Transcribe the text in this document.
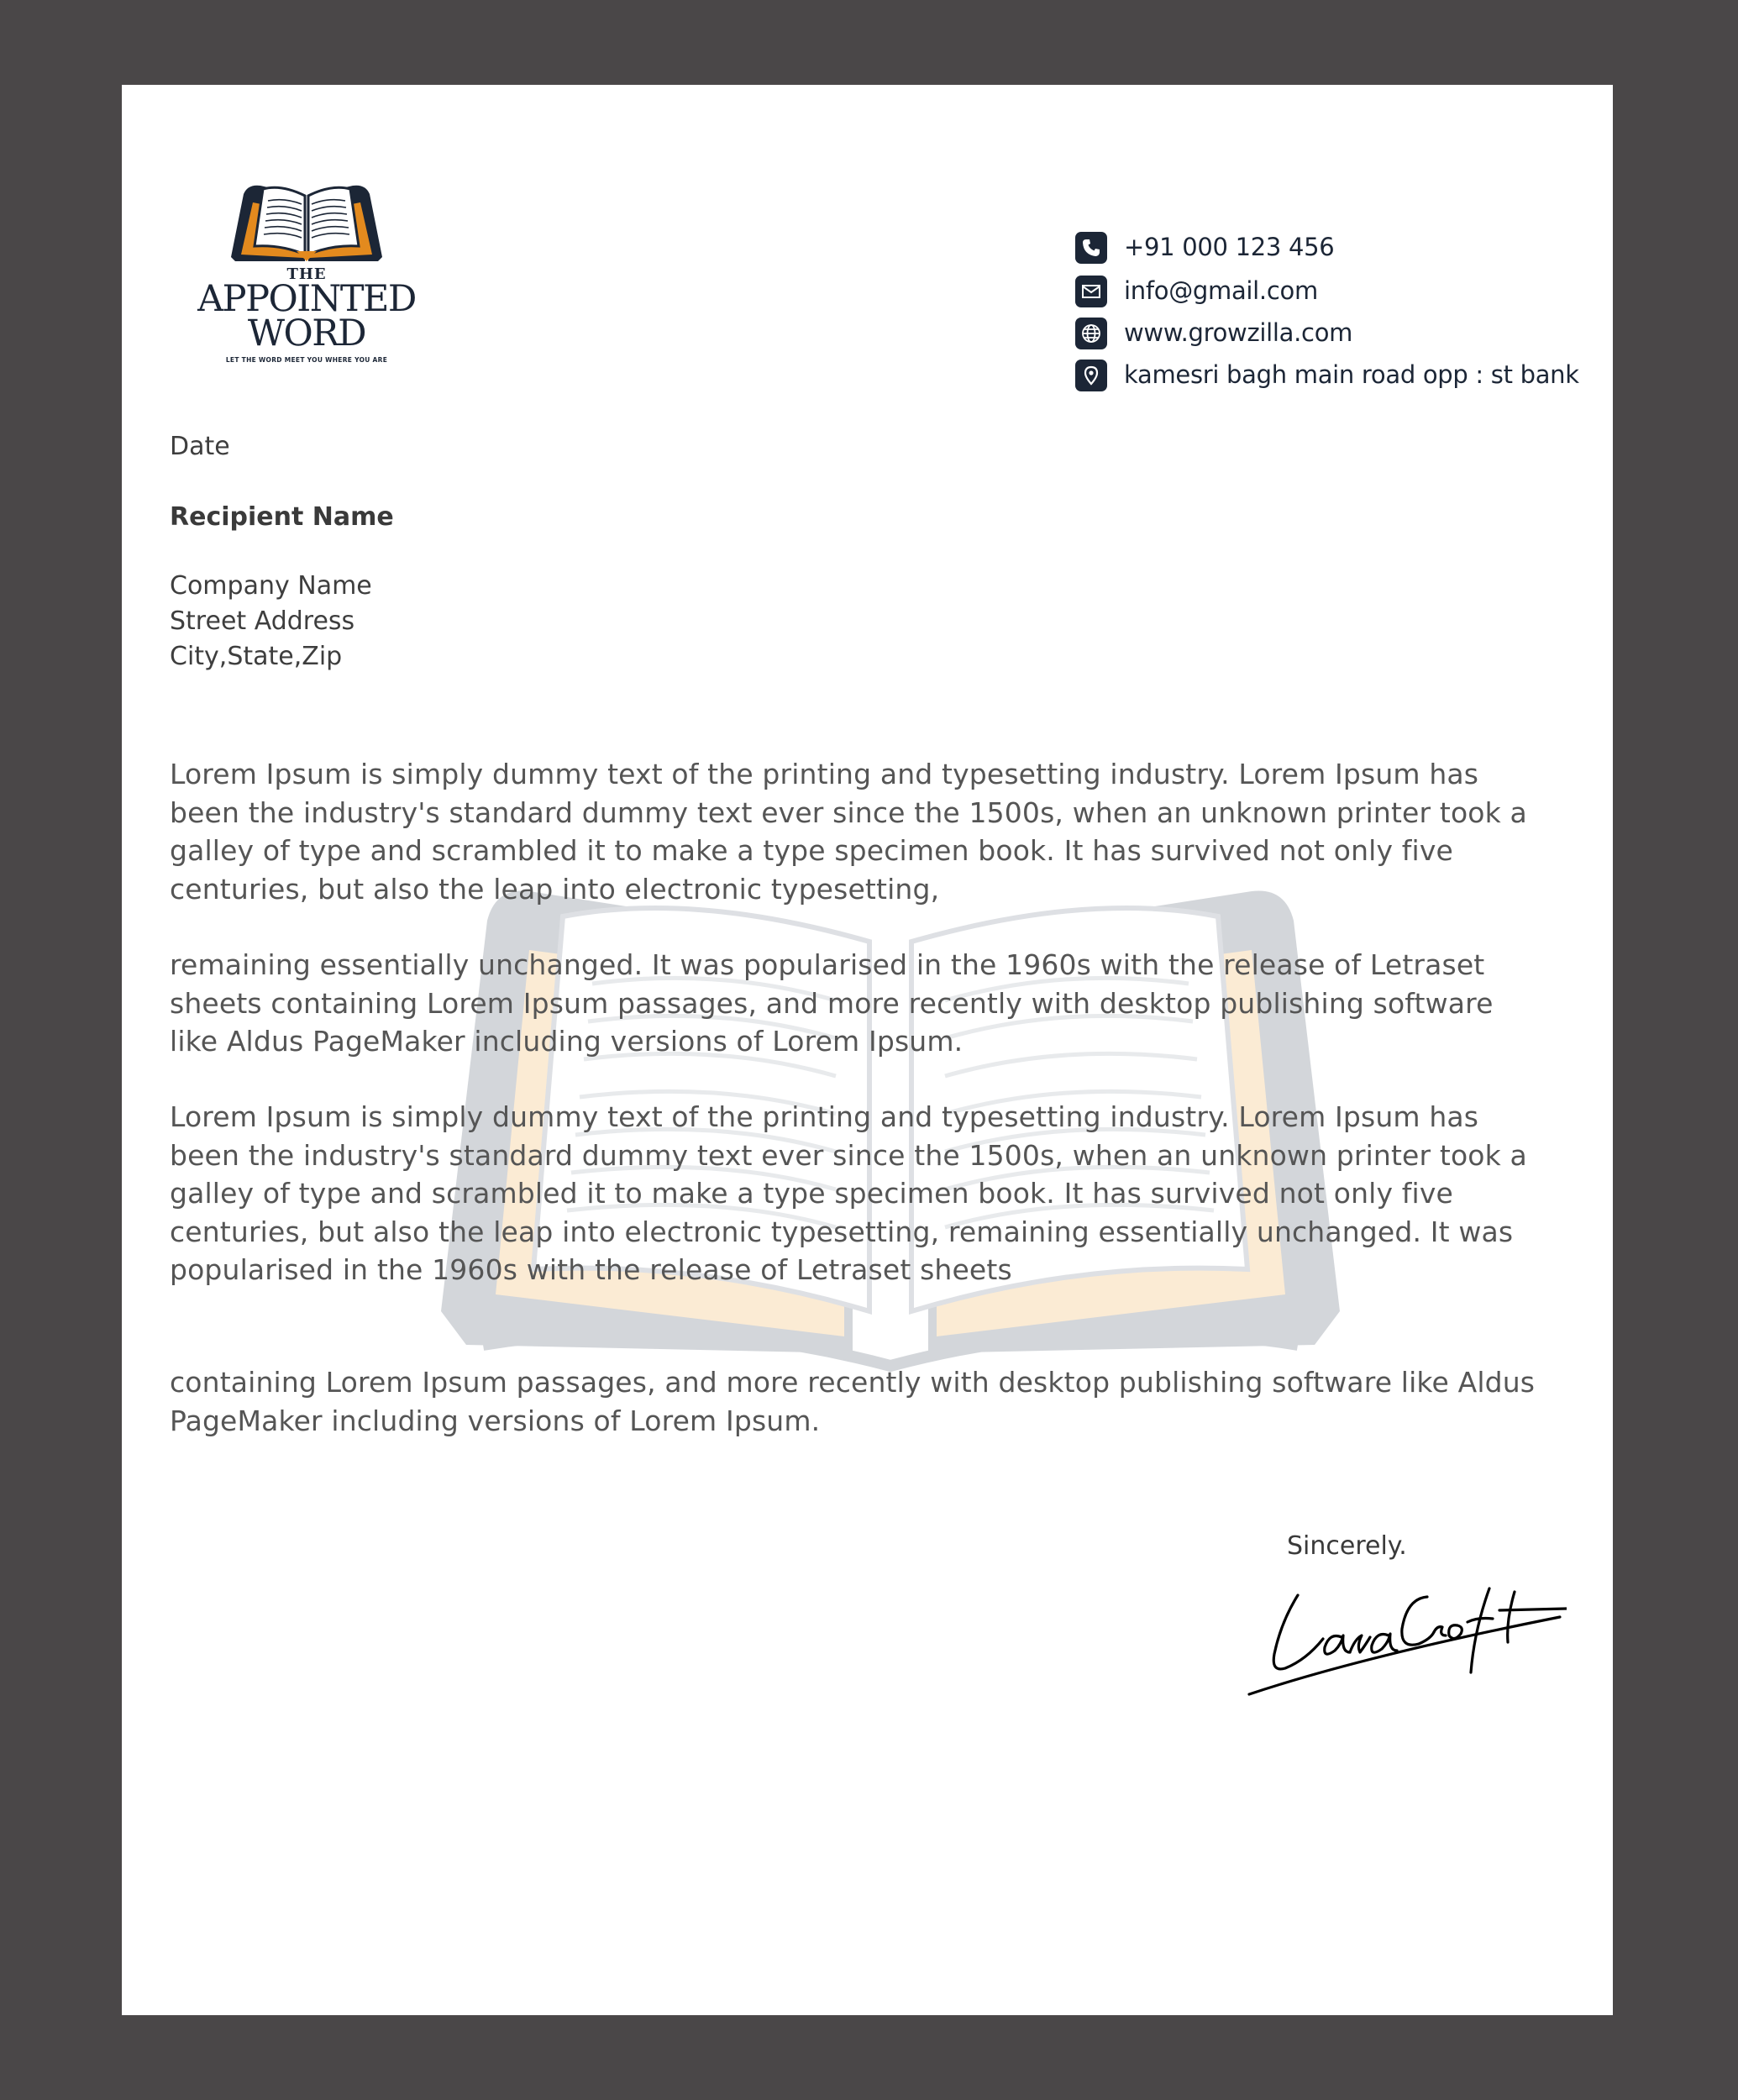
THE
APPOINTED
WORD
LET THE WORD MEET YOU WHERE YOU ARE
+91 000 123 456
info@gmail.com
www.growzilla.com
kamesri bagh main road opp : st bank
Date
Recipient Name
Company Name
Street Address
City,State,Zip
Lorem Ipsum is simply dummy text of the printing and typesetting industry. Lorem Ipsum has
been the industry's standard dummy text ever since the 1500s, when an unknown printer took a
galley of type and scrambled it to make a type specimen book. It has survived not only five
centuries, but also the leap into electronic typesetting,
remaining essentially unchanged. It was popularised in the 1960s with the release of Letraset
sheets containing Lorem Ipsum passages, and more recently with desktop publishing software
like Aldus PageMaker including versions of Lorem Ipsum.
Lorem Ipsum is simply dummy text of the printing and typesetting industry. Lorem Ipsum has
been the industry's standard dummy text ever since the 1500s, when an unknown printer took a
galley of type and scrambled it to make a type specimen book. It has survived not only five
centuries, but also the leap into electronic typesetting, remaining essentially unchanged. It was
popularised in the 1960s with the release of Letraset sheets
containing Lorem Ipsum passages, and more recently with desktop publishing software like Aldus
PageMaker including versions of Lorem Ipsum.
Sincerely.
